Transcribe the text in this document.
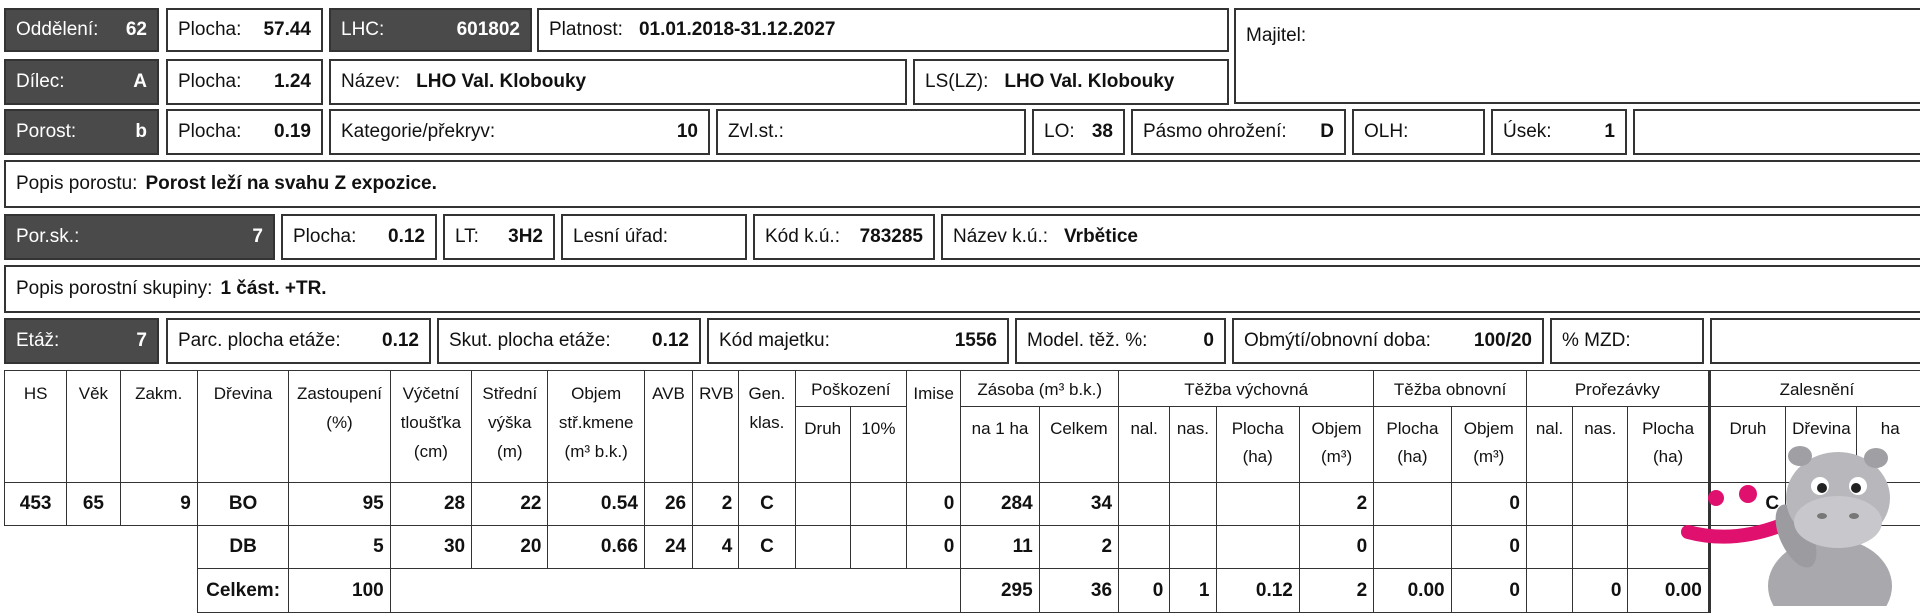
Oddělení: 62 Plocha: 57.44 LHC:	601802 Platnost: 01.01.2018-31.12.2027	Majitel:
Dílec:	A Plocha: 1.24 Název: LHO Val. Klobouky	LS(LZ): LHO Val. Klobouky
Porost:	b Plocha: 0.19 Kategorie/překryv:	10 Zvl.st.:	LO: 38 Pásmo ohrožení: D OLH:	Úsek:	1
Popis porostu: Porost leží na svahu Z expozice.
Por.sk.:	7 Plocha: 0.12 LT: 3H2 Lesní úřad:	Kód k.ú.: 783285 Název k.ú.: Vrbětice
Popis porostní skupiny: 1 část. +TR.
Etáž:	7 Parc. plocha etáže: 0.12 Skut. plocha etáže: 0.12 Kód majetku:	1556 Model. těž. %:	0 Obmýtí/obnovní doba: 100/20 % MZD:
HS	Věk	Zakm.	Dřevina	Zastoupení (%)	Výčetní tloušťka (cm)	Střední výška (m)	Objem stř.kmene (m³ b.k.)	AVB	RVB	Gen. klas.	Poškození		Imise	Zásoba (m³ b.k.)		Těžba výchovná				Těžba obnovní		Prořezávky			Zalesnění		
											Druh	10%		na 1 ha	Celkem	nal.	nas.	Plocha (ha)	Objem (m³)	Plocha (ha)	Objem (m³)	nal.	nas.	Plocha (ha)	Druh	Dřevina	ha
453	65	9	BO	95	28	22	0.54	26	2	C			0	284	34				2		0				C		
			DB	5	30	20	0.66	24	4	C			0	11	2				0		0						
			Celkem:	100										295	36	0	1	0.12	2	0.00	0		0	0.00			
